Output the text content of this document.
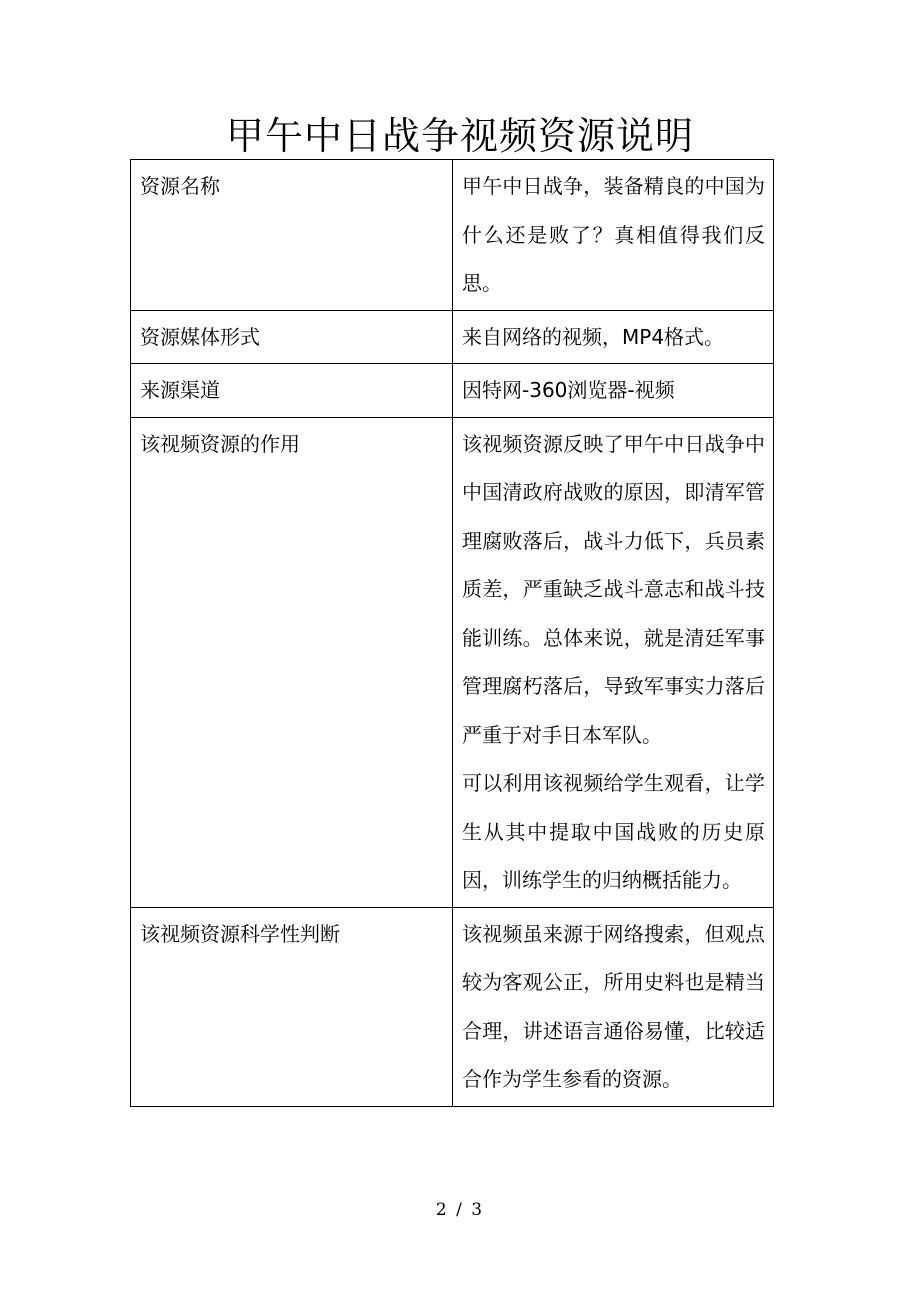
甲午中日战争视频资源说明
资源名称	甲午中日战争，装备精良的中国为什么还是败了？真相值得我们反思。

资源媒体形式	来自网络的视频，MP4格式。

来源渠道	因特网-360浏览器-视频

该视频资源的作用	该视频资源反映了甲午中日战争中中国清政府战败的原因，即清军管理腐败落后，战斗力低下，兵员素质差，严重缺乏战斗意志和战斗技能训练。总体来说，就是清廷军事管理腐朽落后，导致军事实力落后严重于对手日本军队。
可以利用该视频给学生观看，让学生从其中提取中国战败的历史原因，训练学生的归纳概括能力。

该视频资源科学性判断	该视频虽来源于网络搜索，但观点较为客观公正，所用史料也是精当合理，讲述语言通俗易懂，比较适合作为学生参看的资源。
2 / 3
